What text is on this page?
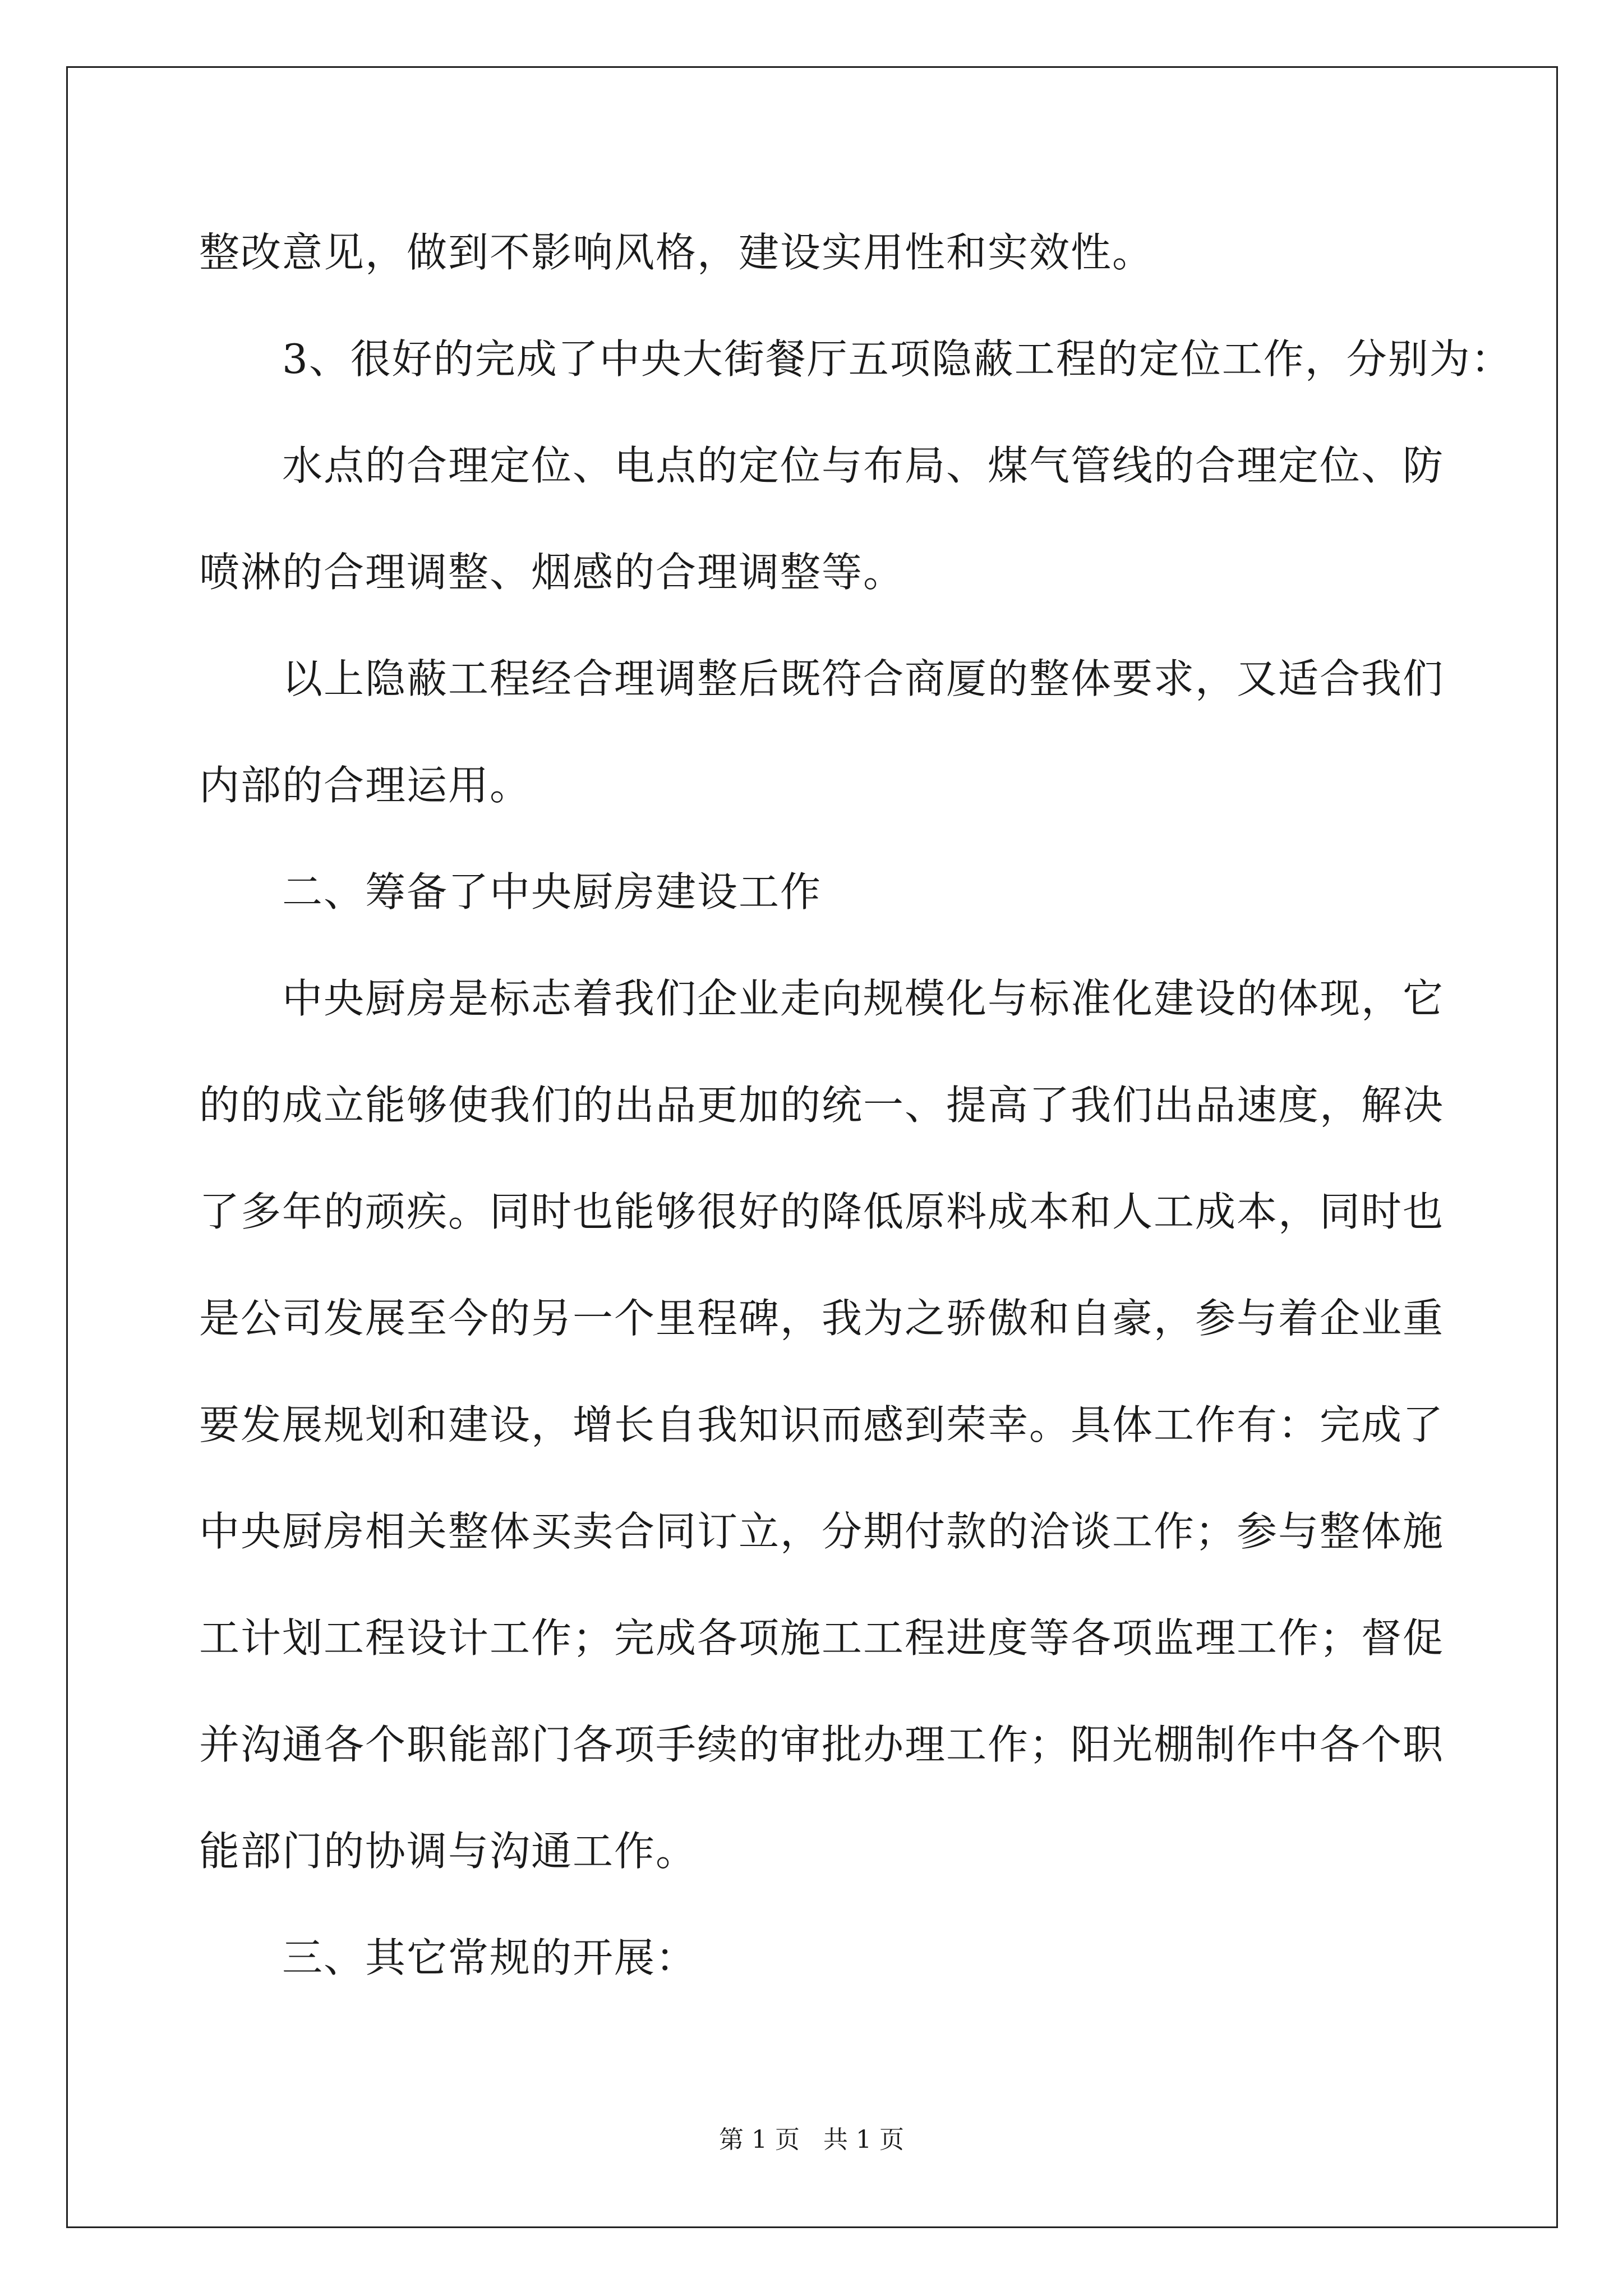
整改意见，做到不影响风格，建设实用性和实效性。
　　3、很好的完成了中央大街餐厅五项隐蔽工程的定位工作，分别为：
　　水点的合理定位、电点的定位与布局、煤气管线的合理定位、防
喷淋的合理调整、烟感的合理调整等。
　　以上隐蔽工程经合理调整后既符合商厦的整体要求，又适合我们
内部的合理运用。
　　二、筹备了中央厨房建设工作
　　中央厨房是标志着我们企业走向规模化与标准化建设的体现，它
的的成立能够使我们的出品更加的统一、提高了我们出品速度，解决
了多年的顽疾。同时也能够很好的降低原料成本和人工成本，同时也
是公司发展至今的另一个里程碑，我为之骄傲和自豪，参与着企业重
要发展规划和建设，增长自我知识而感到荣幸。具体工作有：完成了
中央厨房相关整体买卖合同订立，分期付款的洽谈工作；参与整体施
工计划工程设计工作；完成各项施工工程进度等各项监理工作；督促
并沟通各个职能部门各项手续的审批办理工作；阳光棚制作中各个职
能部门的协调与沟通工作。
　　三、其它常规的开展：
第 1 页   共 1 页
